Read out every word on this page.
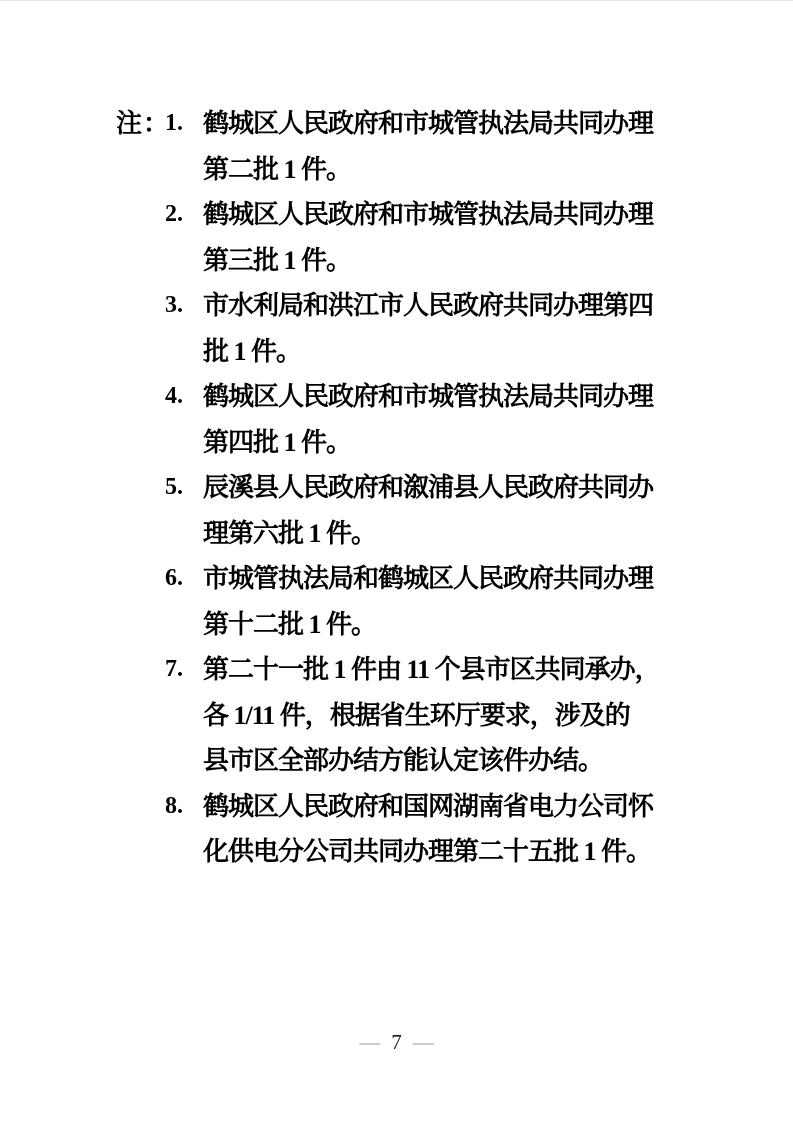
注：
1. 鹤城区人民政府和市城管执法局共同办理
第二批 1 件。
2. 鹤城区人民政府和市城管执法局共同办理
第三批 1 件。
3. 市水利局和洪江市人民政府共同办理第四
批 1 件。
4. 鹤城区人民政府和市城管执法局共同办理
第四批 1 件。
5. 辰溪县人民政府和溆浦县人民政府共同办
理第六批 1 件。
6. 市城管执法局和鹤城区人民政府共同办理
第十二批 1 件。
7. 第二十一批 1 件由 11 个县市区共同承办，
各 1/11 件，根据省生环厅要求，涉及的
县市区全部办结方能认定该件办结。
8. 鹤城区人民政府和国网湖南省电力公司怀
化供电分公司共同办理第二十五批 1 件。
— 7 —
